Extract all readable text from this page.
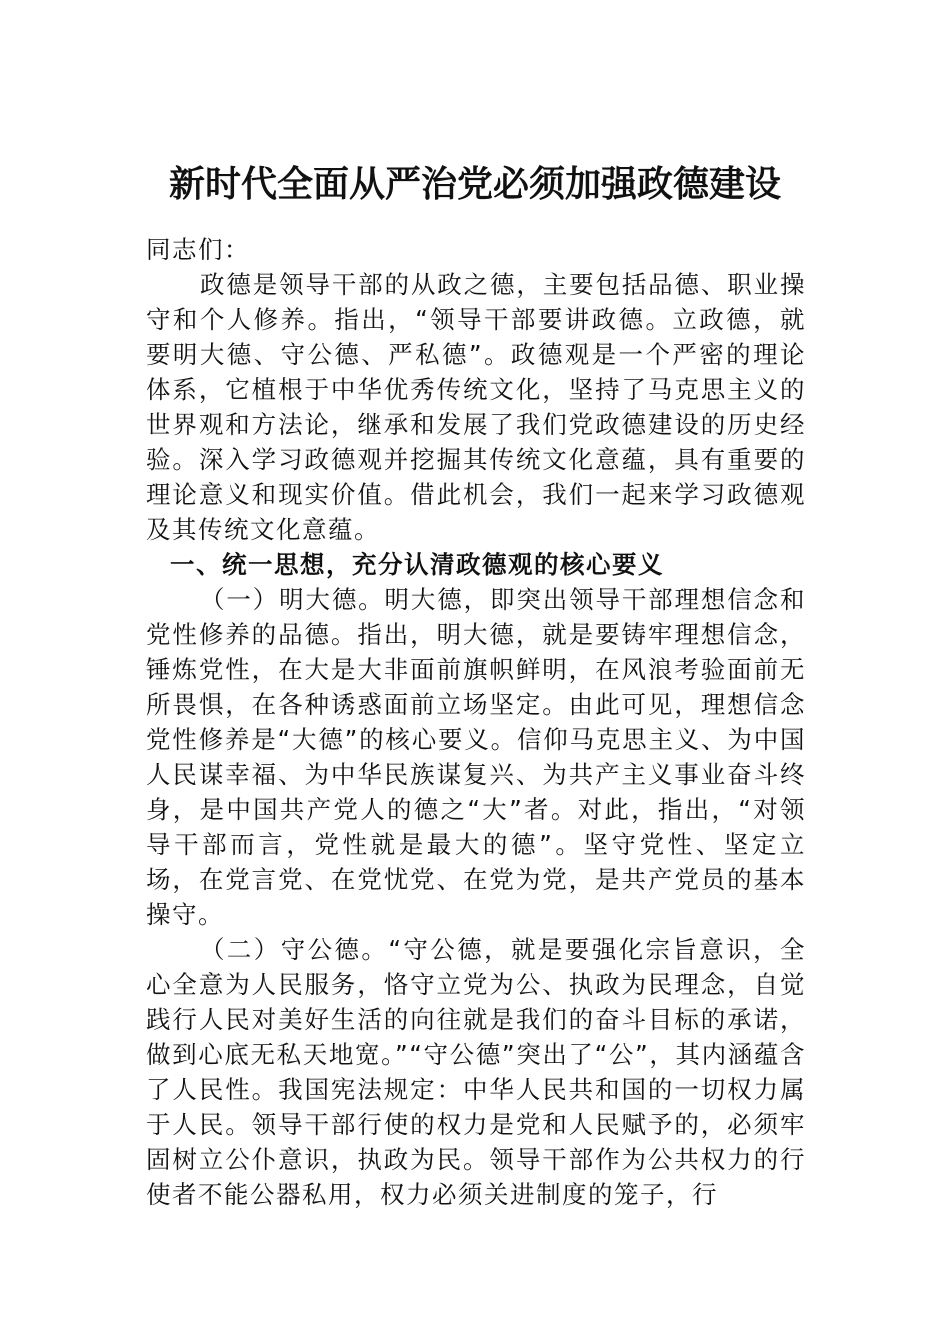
新时代全面从严治党必须加强政德建设

同志们：

政德是领导干部的从政之德，主要包括品德、职业操守和个人修养。指出，“领导干部要讲政德。立政德，就要明大德、守公德、严私德”。政德观是一个严密的理论体系，它植根于中华优秀传统文化，坚持了马克思主义的世界观和方法论，继承和发展了我们党政德建设的历史经验。深入学习政德观并挖掘其传统文化意蕴，具有重要的理论意义和现实价值。借此机会，我们一起来学习政德观及其传统文化意蕴。

一、统一思想，充分认清政德观的核心要义

（一）明大德。明大德，即突出领导干部理想信念和党性修养的品德。指出，明大德，就是要铸牢理想信念，锤炼党性，在大是大非面前旗帜鲜明，在风浪考验面前无所畏惧，在各种诱惑面前立场坚定。由此可见，理想信念党性修养是“大德”的核心要义。信仰马克思主义、为中国人民谋幸福、为中华民族谋复兴、为共产主义事业奋斗终身，是中国共产党人的德之“大”者。对此，指出，“对领导干部而言，党性就是最大的德”。坚守党性、坚定立场，在党言党、在党忧党、在党为党，是共产党员的基本操守。

（二）守公德。“守公德，就是要强化宗旨意识，全心全意为人民服务，恪守立党为公、执政为民理念，自觉践行人民对美好生活的向往就是我们的奋斗目标的承诺，做到心底无私天地宽。”“守公德”突出了“公”，其内涵蕴含了人民性。我国宪法规定：中华人民共和国的一切权力属于人民。领导干部行使的权力是党和人民赋予的，必须牢固树立公仆意识，执政为民。领导干部作为公共权力的行使者不能公器私用，权力必须关进制度的笼子，行
